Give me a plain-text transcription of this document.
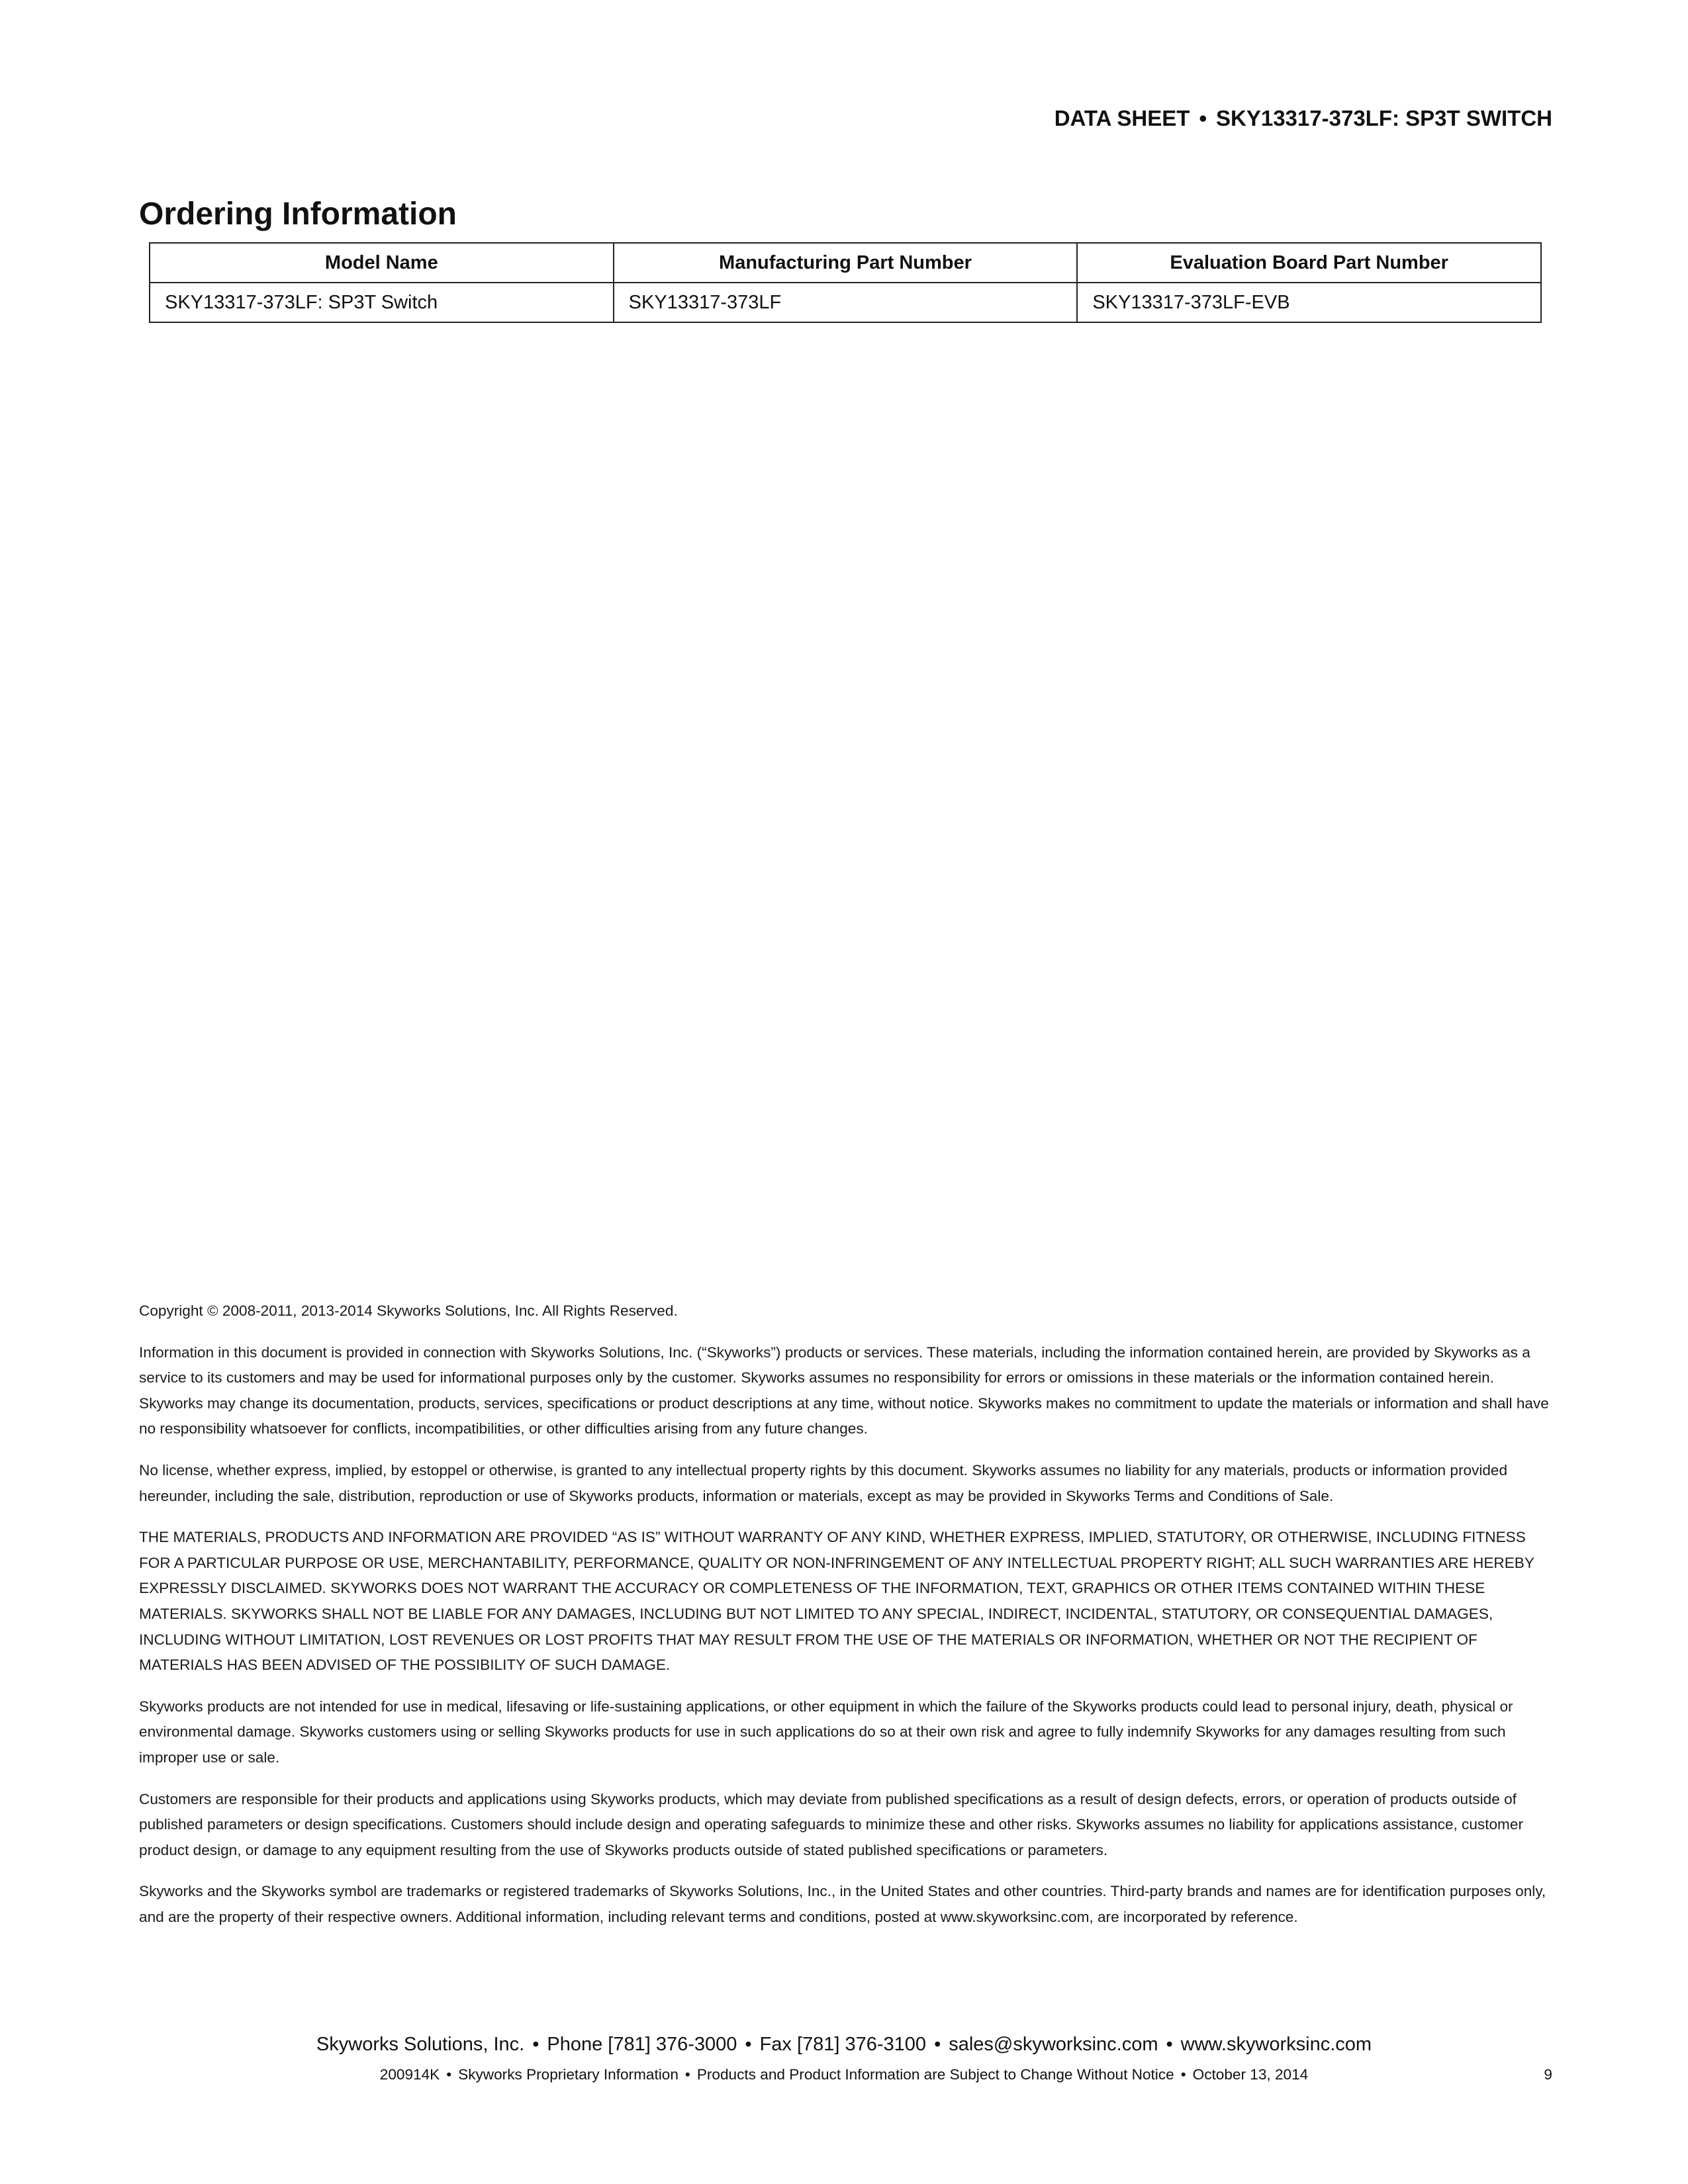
DATA SHEET • SKY13317-373LF: SP3T SWITCH
Ordering Information
Model Name	Manufacturing Part Number	Evaluation Board Part Number
SKY13317-373LF: SP3T Switch	SKY13317-373LF	SKY13317-373LF-EVB

Copyright © 2008-2011, 2013-2014 Skyworks Solutions, Inc. All Rights Reserved.

Information in this document is provided in connection with Skyworks Solutions, Inc. (“Skyworks”) products or services. These materials, including the information contained herein, are provided by Skyworks as a service to its customers and may be used for informational purposes only by the customer. Skyworks assumes no responsibility for errors or omissions in these materials or the information contained herein. Skyworks may change its documentation, products, services, specifications or product descriptions at any time, without notice. Skyworks makes no commitment to update the materials or information and shall have no responsibility whatsoever for conflicts, incompatibilities, or other difficulties arising from any future changes.

No license, whether express, implied, by estoppel or otherwise, is granted to any intellectual property rights by this document. Skyworks assumes no liability for any materials, products or information provided hereunder, including the sale, distribution, reproduction or use of Skyworks products, information or materials, except as may be provided in Skyworks Terms and Conditions of Sale.

THE MATERIALS, PRODUCTS AND INFORMATION ARE PROVIDED “AS IS” WITHOUT WARRANTY OF ANY KIND, WHETHER EXPRESS, IMPLIED, STATUTORY, OR OTHERWISE, INCLUDING FITNESS FOR A PARTICULAR PURPOSE OR USE, MERCHANTABILITY, PERFORMANCE, QUALITY OR NON-INFRINGEMENT OF ANY INTELLECTUAL PROPERTY RIGHT; ALL SUCH WARRANTIES ARE HEREBY EXPRESSLY DISCLAIMED. SKYWORKS DOES NOT WARRANT THE ACCURACY OR COMPLETENESS OF THE INFORMATION, TEXT, GRAPHICS OR OTHER ITEMS CONTAINED WITHIN THESE MATERIALS. SKYWORKS SHALL NOT BE LIABLE FOR ANY DAMAGES, INCLUDING BUT NOT LIMITED TO ANY SPECIAL, INDIRECT, INCIDENTAL, STATUTORY, OR CONSEQUENTIAL DAMAGES, INCLUDING WITHOUT LIMITATION, LOST REVENUES OR LOST PROFITS THAT MAY RESULT FROM THE USE OF THE MATERIALS OR INFORMATION, WHETHER OR NOT THE RECIPIENT OF MATERIALS HAS BEEN ADVISED OF THE POSSIBILITY OF SUCH DAMAGE.

Skyworks products are not intended for use in medical, lifesaving or life-sustaining applications, or other equipment in which the failure of the Skyworks products could lead to personal injury, death, physical or environmental damage. Skyworks customers using or selling Skyworks products for use in such applications do so at their own risk and agree to fully indemnify Skyworks for any damages resulting from such improper use or sale.

Customers are responsible for their products and applications using Skyworks products, which may deviate from published specifications as a result of design defects, errors, or operation of products outside of published parameters or design specifications. Customers should include design and operating safeguards to minimize these and other risks. Skyworks assumes no liability for applications assistance, customer product design, or damage to any equipment resulting from the use of Skyworks products outside of stated published specifications or parameters.

Skyworks and the Skyworks symbol are trademarks or registered trademarks of Skyworks Solutions, Inc., in the United States and other countries. Third-party brands and names are for identification purposes only, and are the property of their respective owners. Additional information, including relevant terms and conditions, posted at www.skyworksinc.com, are incorporated by reference.

Skyworks Solutions, Inc. • Phone [781] 376-3000 • Fax [781] 376-3100 • sales@skyworksinc.com • www.skyworksinc.com
200914K • Skyworks Proprietary Information • Products and Product Information are Subject to Change Without Notice • October 13, 2014	9
